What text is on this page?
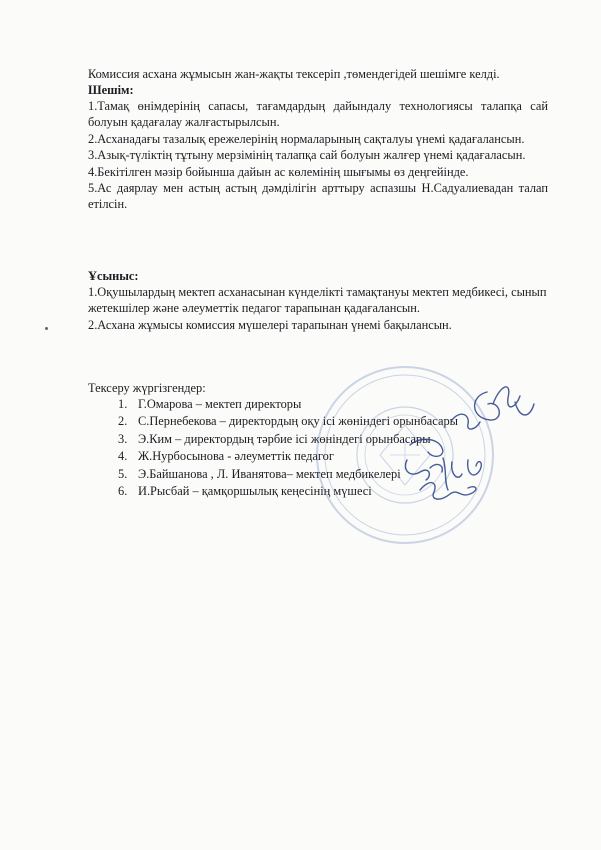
Комиссия асхана жұмысын жан-жақты тексеріп ,төмендегідей шешімге келді.

Шешім:

1.Тамақ өнімдерінің сапасы, тағамдардың дайындалу технологиясы талапқа сай болуын қадағалау жалғастырылсын.

2.Асханадағы тазалық ережелерінің нормаларының сақталуы үнемі қадағалансын.

3.Азық-түліктің тұтыну мерзімінің талапқа сай болуын жалғер үнемі қадағаласын.

4.Бекітілген мәзір бойынша дайын ас көлемінің шығымы өз деңгейінде.

5.Ас даярлау мен астың астың дәмділігін арттыру аспазшы Н.Садуалиевадан талап етілсін.

Ұсыныс:

1.Оқушылардың мектеп асханасынан күнделікті тамақтануы мектеп медбикесі, сынып жетекшілер және әлеуметтік педагог тарапынан қадағалансын.

2.Асхана жұмысы комиссия мүшелері тарапынан үнемі бақылансын.

Тексеру жүргізгендер:
1. Г.Омарова – мектеп директоры
2. С.Пернебекова – директордың оқу ісі жөніндегі орынбасары
3. Э.Ким – директордың тәрбие ісі жөніндегі орынбасары
4. Ж.Нурбосынова - әлеуметтік педагог
5. Э.Байшанова , Л. Иванятова– мектеп медбикелері
6. И.Рысбай – қамқоршылық кеңесінің мүшесі
